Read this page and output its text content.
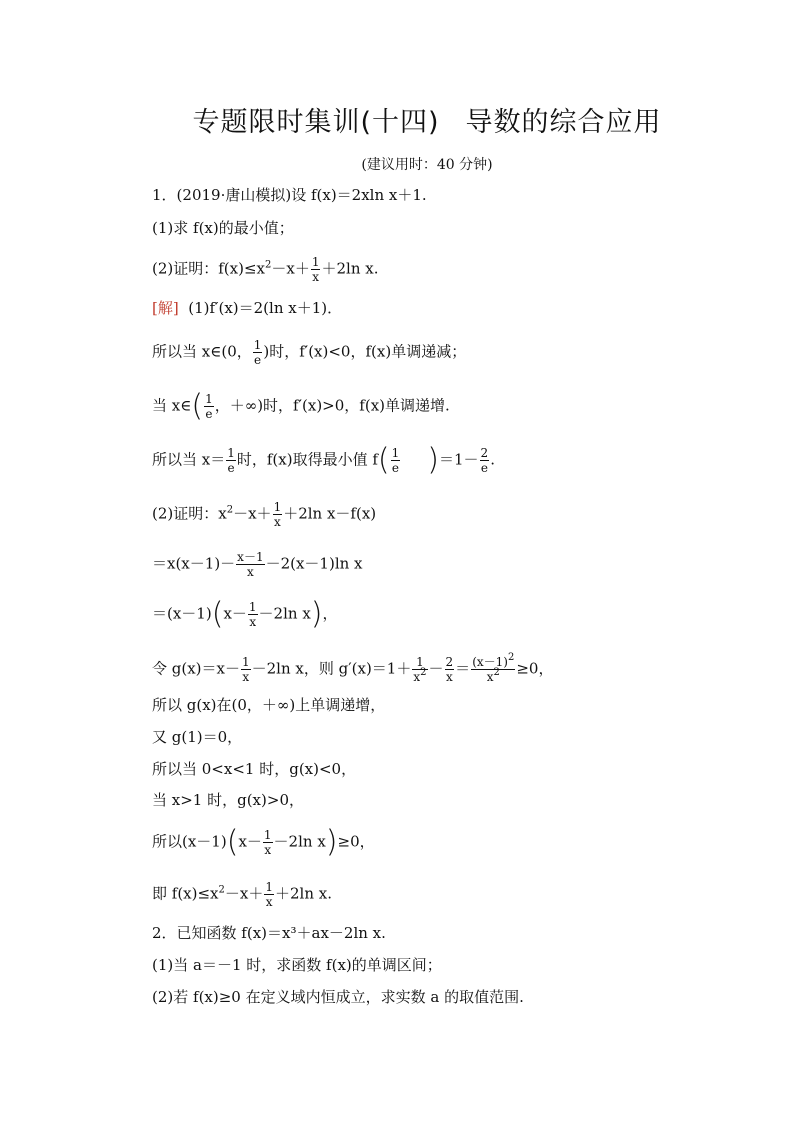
专题限时集训(十四) 导数的综合应用
(建议用时：40 分钟)
1．(2019·唐山模拟)设 f(x)＝2xln x＋1.
(1)求 f(x)的最小值；
(2)证明：$f(x)\le x^2-x+ \frac{1}{x} +2\ln$ x.
[解] (1)f′(x)＝2(ln x＋1)．
所以当 x∈(0， $\frac{1}{e}$ )时，f′(x)<0，f(x)单调递减；
当 x∈( $\frac{1}{e}$ ，＋∞)时，f′(x)>0，f(x)单调递增.
所以当 $x= \frac{1}{e}$ 时，f(x)取得最小值 $f( \frac{1}{e} )=1- \frac{2}{e}$ .
(2)证明：$x^2-x+ \frac{1}{x} +2\ln$ x－f(x)
$=x(x-1)- \frac{x-1}{x} -2(x-1)\ln$ x
$=(x-1)(x- \frac{1}{x} -2\ln$ x)，
令 $g(x)=x- \frac{1}{x} -2\ln$ x，则 $g'(x)=1+ \frac{1}{x^2} - \frac{2}{x} = \frac{(x-1)^2}{x^2} \ge 0$，
所以 g(x)在(0，＋∞)上单调递增，
又 g(1)＝0，
所以当 0<x<1 时，g(x)<0，
当 x>1 时，g(x)>0，
所以$(x-1)(x- \frac{1}{x} -2\ln$ x)≥0，
即 $f(x)\le x^2-x+ \frac{1}{x} +2\ln$ x.
2．已知函数 f(x)＝x³＋ax－2ln x.
(1)当 a＝－1 时，求函数 f(x)的单调区间；
(2)若 f(x)≥0 在定义域内恒成立，求实数 a 的取值范围.
